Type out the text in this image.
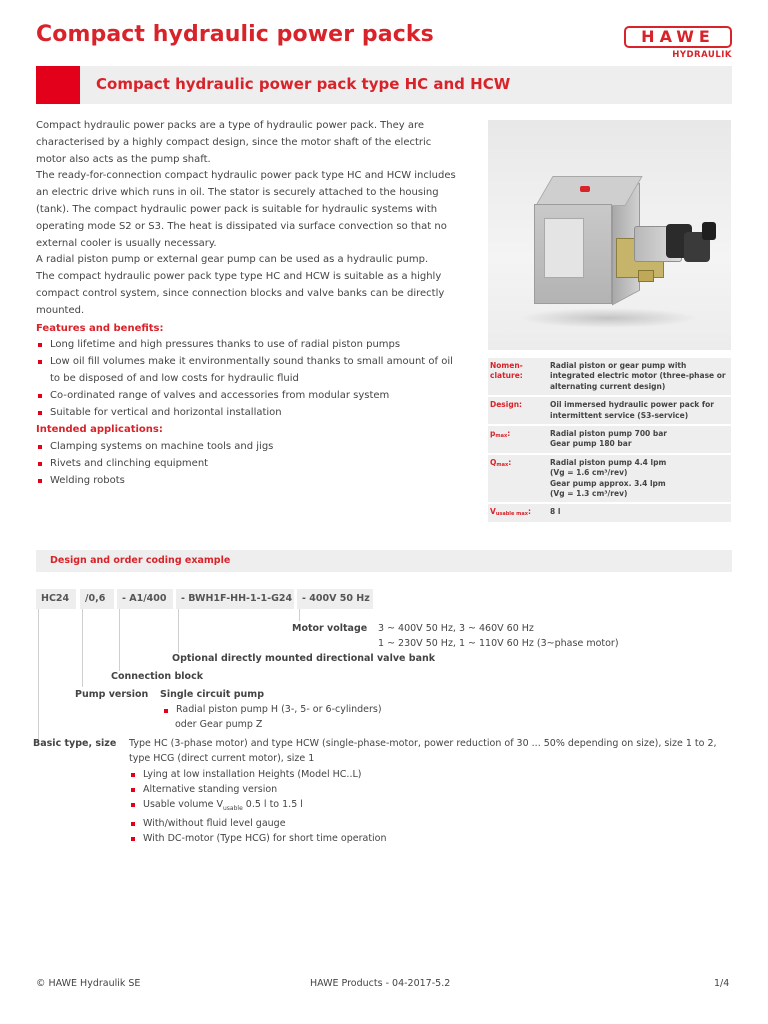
Compact hydraulic power packs	HAWE
HYDRAULIK
Compact hydraulic power pack type HC and HCW

Compact hydraulic power packs are a type of hydraulic power pack. They are characterised by a highly compact design, since the motor shaft of the electric motor also acts as the pump shaft.

The ready-for-connection compact hydraulic power pack type HC and HCW includes an electric drive which runs in oil. The stator is securely attached to the housing (tank). The compact hydraulic power pack is suitable for hydraulic systems with operating mode S2 or S3. The heat is dissipated via surface convection so that no external cooler is usually necessary.

A radial piston pump or external gear pump can be used as a hydraulic pump.

The compact hydraulic power pack type type HC and HCW is suitable as a highly compact control system, since connection blocks and valve banks can be directly mounted.

Features and benefits:
Long lifetime and high pressures thanks to use of radial piston pumps
Low oil fill volumes make it environmentally sound thanks to small amount of oil to be disposed of and low costs for hydraulic fluid
Co-ordinated range of valves and accessories from modular system
Suitable for vertical and horizontal installation
Intended applications:
Clamping systems on machine tools and jigs
Rivets and clinching equipment
Welding robots
Nomen-clature:
Radial piston or gear pump with integrated electric motor (three-phase or alternating current design)
Design:	Oil immersed hydraulic power pack for intermittent service (S3-service)
$p_{max}$:	Radial piston pump 700 bar
Gear pump 180 bar
$Q_{max}$:	Radial piston pump 4.4 lpm
(Vg = 1.6 cm³/rev)
Gear pump approx. 3.4 lpm
(Vg = 1.3 cm³/rev)
$V_{usable max}$:	8 l
Design and order coding example
HC24	/0,6	- A1/400	- BWH1F-HH-1-1-G24	- 400V 50 Hz
Motor voltage 3 ~ 400V 50 Hz, 3 ~ 460V 60 Hz
1 ~ 230V 50 Hz, 1 ~ 110V 60 Hz (3~phase motor)
Optional directly mounted directional valve bank
Connection block
Pump version Single circuit pump
Radial piston pump H (3-, 5- or 6-cylinders)
oder Gear pump Z
Basic type, size Type HC (3-phase motor) and type HCW (single-phase-motor, power reduction of 30 ... 50% depending on size), size 1 to 2,
type HCG (direct current motor), size 1
Lying at low installation Heights (Model HC..L)
Alternative standing version
Usable volume $V_{usable}$ 0.5 l to 1.5 l
With/without fluid level gauge
With DC-motor (Type HCG) for short time operation
© HAWE Hydraulik SE	HAWE Products - 04-2017-5.2	1/4
